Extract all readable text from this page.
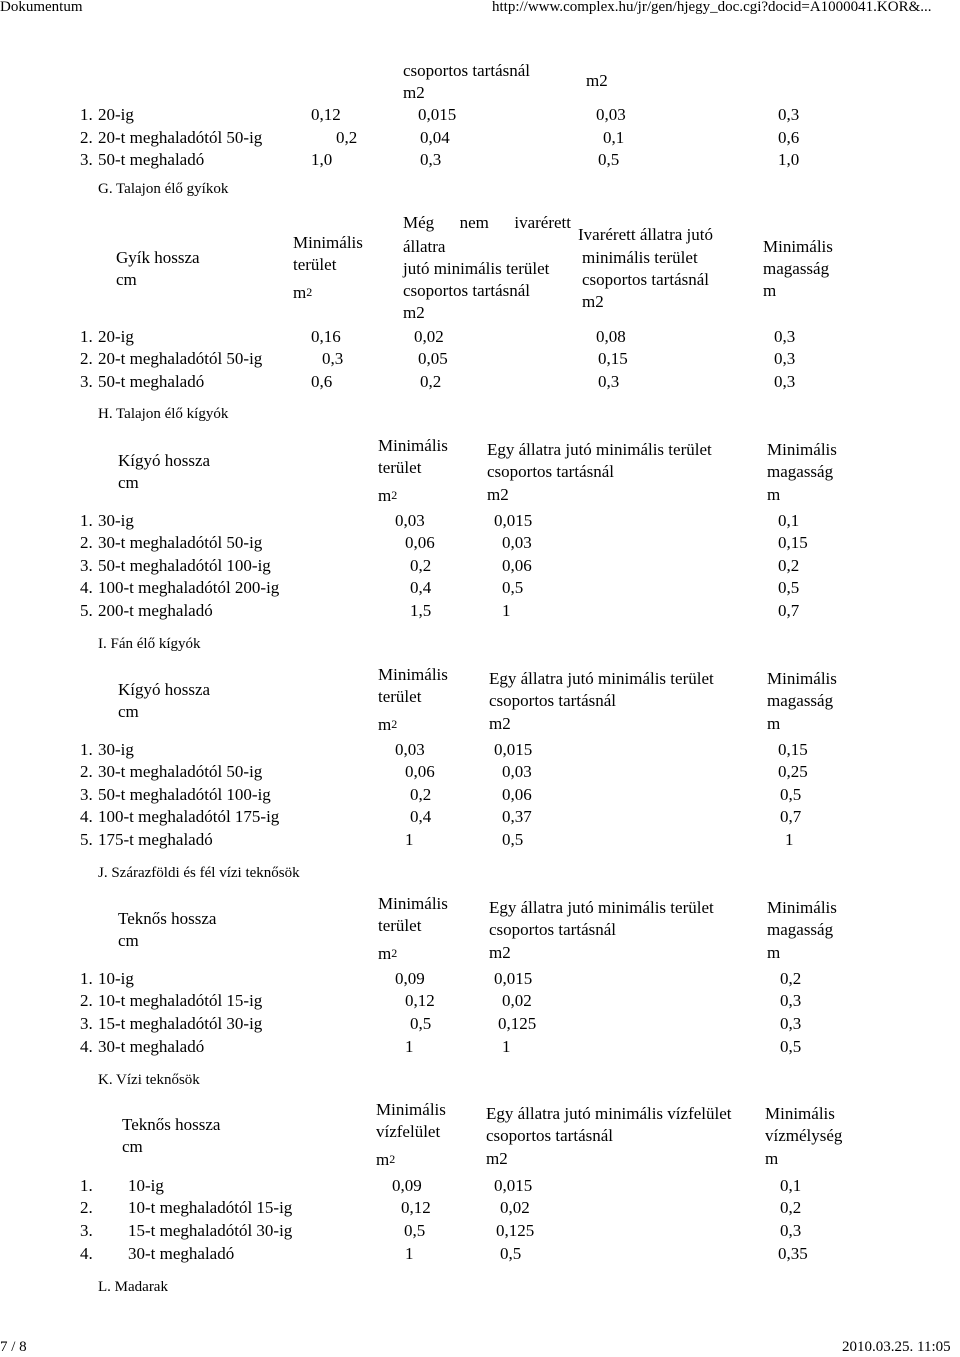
Dokumentum	http://www.complex.hu/jr/gen/hjegy_doc.cgi?docid=A1000041.KOR&...
csoportos tartásnál
m2
m2
1. 20-ig	0,12	0,015	0,03	0,3
2. 20-t meghaladótól 50-ig	0,2	0,04	0,1	0,6
3. 50-t meghaladó	1,0	0,3	0,5	1,0
G. Talajon élő gyíkok
Gyík hossza
cm
Minimális
terület
$m^2$
Még nem ivarérett
állatra
jutó minimális terület
csoportos tartásnál
m2
Ivarérett állatra jutó
minimális terület
csoportos tartásnál
m2
Minimális
magasság
m
1. 20-ig	0,16	0,02	0,08	0,3
2. 20-t meghaladótól 50-ig	0,3	0,05	0,15	0,3
3. 50-t meghaladó	0,6	0,2	0,3	0,3
H. Talajon élő kígyók
Kígyó hossza
cm
Minimális
terület
$m^2$
Egy állatra jutó minimális terület
csoportos tartásnál
m2
Minimális
magasság
m
1. 30-ig	0,03	0,015	0,1
2. 30-t meghaladótól 50-ig	0,06	0,03	0,15
3. 50-t meghaladótól 100-ig	0,2	0,06	0,2
4. 100-t meghaladótól 200-ig	0,4	0,5	0,5
5. 200-t meghaladó	1,5	1	0,7
I. Fán élő kígyók
Kígyó hossza
cm
Minimális
terület
$m^2$
Egy állatra jutó minimális terület
csoportos tartásnál
m2
Minimális
magasság
m
1. 30-ig	0,03	0,015	0,15
2. 30-t meghaladótól 50-ig	0,06	0,03	0,25
3. 50-t meghaladótól 100-ig	0,2	0,06	0,5
4. 100-t meghaladótól 175-ig	0,4	0,37	0,7
5. 175-t meghaladó	1	0,5	1
J. Szárazföldi és fél vízi teknősök
Teknős hossza
cm
Minimális
terület
$m^2$
Egy állatra jutó minimális terület
csoportos tartásnál
m2
Minimális
magasság
m
1. 10-ig	0,09	0,015	0,2
2. 10-t meghaladótól 15-ig	0,12	0,02	0,3
3. 15-t meghaladótól 30-ig	0,5	0,125	0,3
4. 30-t meghaladó	1	1	0,5
K. Vízi teknősök
Teknős hossza
cm
Minimális
vízfelület
$m^2$
Egy állatra jutó minimális vízfelület
csoportos tartásnál
m2
Minimális
vízmélység
m
1. 10-ig	0,09	0,015	0,1
2. 10-t meghaladótól 15-ig	0,12	0,02	0,2
3. 15-t meghaladótól 30-ig	0,5	0,125	0,3
4. 30-t meghaladó	1	0,5	0,35
L. Madarak
7 / 8	2010.03.25. 11:05
